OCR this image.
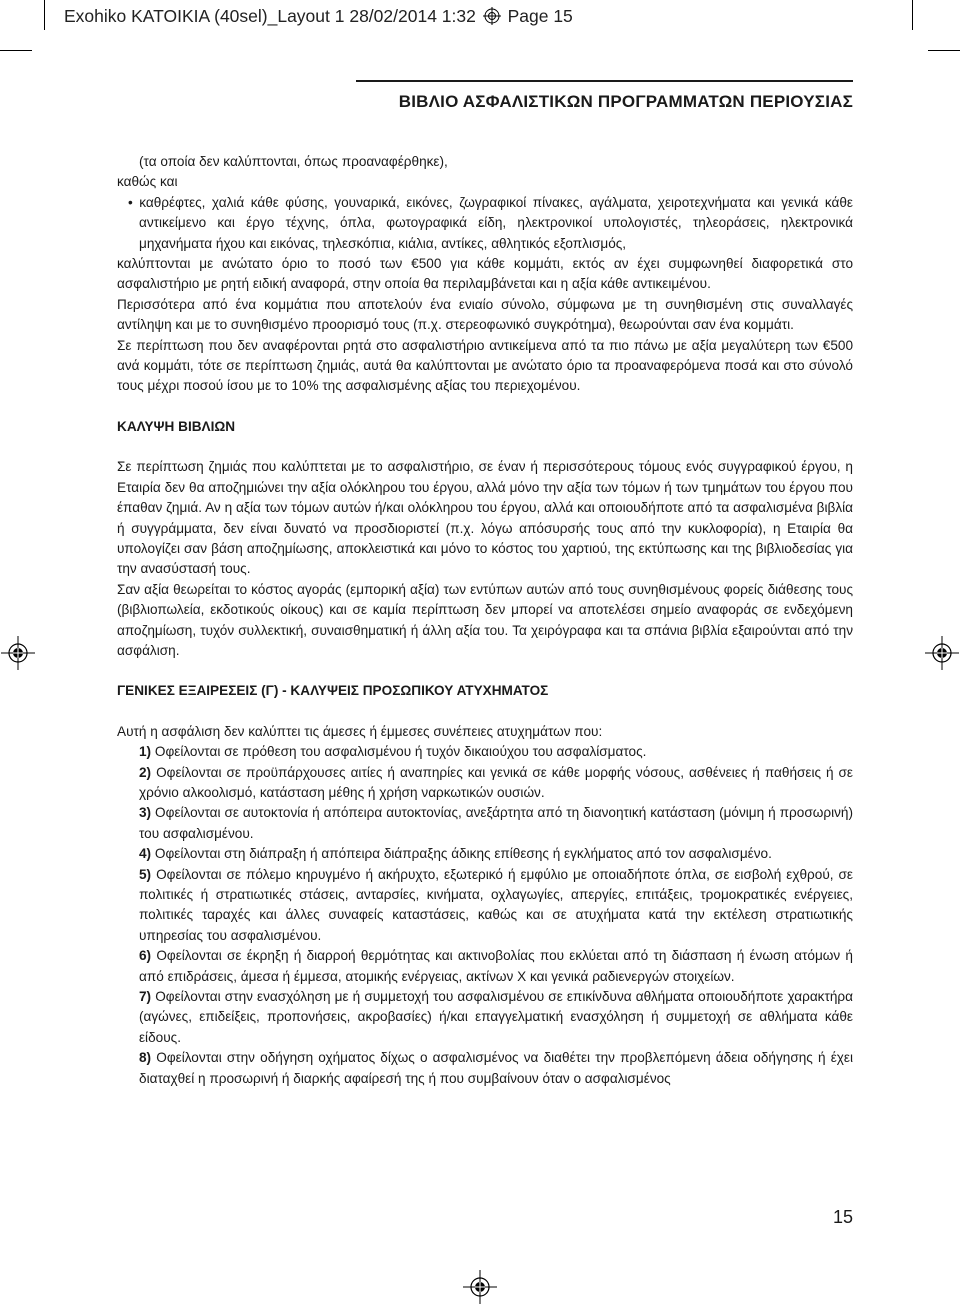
Exohiko KATOIKIA (40sel)_Layout 1 28/02/2014 1:32  Page 15
ΒΙΒΛΙΟ ΑΣΦΑΛΙΣΤΙΚΩΝ ΠΡΟΓΡΑΜΜΑΤΩΝ ΠΕΡΙΟΥΣΙΑΣ

(τα οποία δεν καλύπτονται, όπως προαναφέρθηκε),

καθώς και

• καθρέφτες, χαλιά κάθε φύσης, γουναρικά, εικόνες, ζωγραφικοί πίνακες, αγάλματα, χειροτεχνήματα και γενικά κάθε αντικείμενο και έργο τέχνης, όπλα, φωτογραφικά είδη, ηλεκτρονικοί υπολογιστές, τηλεοράσεις, ηλεκτρονικά μηχανήματα ήχου και εικόνας, τηλεσκόπια, κιάλια, αντίκες, αθλητικός εξοπλισμός,

καλύπτονται με ανώτατο όριο το ποσό των €500 για κάθε κομμάτι, εκτός αν έχει συμφωνηθεί διαφορετικά στο ασφαλιστήριο με ρητή ειδική αναφορά, στην οποία θα περιλαμβάνεται και η αξία κάθε αντικειμένου.

Περισσότερα από ένα κομμάτια που αποτελούν ένα ενιαίο σύνολο, σύμφωνα με τη συνηθισμένη στις συναλλαγές αντίληψη και με το συνηθισμένο προορισμό τους (π.χ. στερεοφωνικό συγκρότημα), θεωρούνται σαν ένα κομμάτι.

Σε περίπτωση που δεν αναφέρονται ρητά στο ασφαλιστήριο αντικείμενα από τα πιο πάνω με αξία μεγαλύτερη των €500 ανά κομμάτι, τότε σε περίπτωση ζημιάς, αυτά θα καλύπτονται με ανώτατο όριο τα προαναφερόμενα ποσά και στο σύνολό τους μέχρι ποσού ίσου με το 10% της ασφαλισμένης αξίας του περιεχομένου.

ΚΑΛΥΨΗ ΒΙΒΛΙΩΝ

Σε περίπτωση ζημιάς που καλύπτεται με το ασφαλιστήριο, σε έναν ή περισσότερους τόμους ενός συγγραφικού έργου, η Εταιρία δεν θα αποζημιώνει την αξία ολόκληρου του έργου, αλλά μόνο την αξία των τόμων ή των τμημάτων του έργου που έπαθαν ζημιά. Αν η αξία των τόμων αυτών ή/και ολόκληρου του έργου, αλλά και οποιουδήποτε από τα ασφαλισμένα βιβλία ή συγγράμματα, δεν είναι δυνατό να προσδιοριστεί (π.χ. λόγω απόσυρσής τους από την κυκλοφορία), η Εταιρία θα υπολογίζει σαν βάση αποζημίωσης, αποκλειστικά και μόνο το κόστος του χαρτιού, της εκτύπωσης και της βιβλιοδεσίας για την ανασύστασή τους.

Σαν αξία θεωρείται το κόστος αγοράς (εμπορική αξία) των εντύπων αυτών από τους συνηθισμένους φορείς διάθεσης τους (βιβλιοπωλεία, εκδοτικούς οίκους) και σε καμία περίπτωση δεν μπορεί να αποτελέσει σημείο αναφοράς σε ενδεχόμενη αποζημίωση, τυχόν συλλεκτική, συναισθηματική ή άλλη αξία του. Τα χειρόγραφα και τα σπάνια βιβλία εξαιρούνται από την ασφάλιση.

ΓΕΝΙΚΕΣ ΕΞΑΙΡΕΣΕΙΣ (Γ) - ΚΑΛΥΨΕΙΣ ΠΡΟΣΩΠΙΚΟΥ ΑΤΥΧΗΜΑΤΟΣ

Αυτή η ασφάλιση δεν καλύπτει τις άμεσες ή έμμεσες συνέπειες ατυχημάτων που:

1) Οφείλονται σε πρόθεση του ασφαλισμένου ή τυχόν δικαιούχου του ασφαλίσματος.

2) Οφείλονται σε προϋπάρχουσες αιτίες ή αναπηρίες και γενικά σε κάθε μορφής νόσους, ασθένειες ή παθήσεις ή σε χρόνιο αλκοολισμό, κατάσταση μέθης ή χρήση ναρκωτικών ουσιών.

3) Οφείλονται σε αυτοκτονία ή απόπειρα αυτοκτονίας, ανεξάρτητα από τη διανοητική κατάσταση (μόνιμη ή προσωρινή) του ασφαλισμένου.

4) Οφείλονται στη διάπραξη ή απόπειρα διάπραξης άδικης επίθεσης ή εγκλήματος από τον ασφαλισμένο.

5) Οφείλονται σε πόλεμο κηρυγμένο ή ακήρυχτο, εξωτερικό ή εμφύλιο με οποιαδήποτε όπλα, σε εισβολή εχθρού, σε πολιτικές ή στρατιωτικές στάσεις, ανταρσίες, κινήματα, οχλαγωγίες, απεργίες, επιτάξεις, τρομοκρατικές ενέργειες, πολιτικές ταραχές και άλλες συναφείς καταστάσεις, καθώς και σε ατυχήματα κατά την εκτέλεση στρατιωτικής υπηρεσίας του ασφαλισμένου.

6) Οφείλονται σε έκρηξη ή διαρροή θερμότητας και ακτινοβολίας που εκλύεται από τη διάσπαση ή ένωση ατόμων ή από επιδράσεις, άμεσα ή έμμεσα, ατομικής ενέργειας, ακτίνων Χ και γενικά ραδιενεργών στοιχείων.

7) Οφείλονται στην ενασχόληση με ή συμμετοχή του ασφαλισμένου σε επικίνδυνα αθλήματα οποιουδήποτε χαρακτήρα (αγώνες, επιδείξεις, προπονήσεις, ακροβασίες) ή/και επαγγελματική ενασχόληση ή συμμετοχή σε αθλήματα κάθε είδους.

8) Οφείλονται στην οδήγηση οχήματος δίχως ο ασφαλισμένος να διαθέτει την προβλεπόμενη άδεια οδήγησης ή έχει διαταχθεί η προσωρινή ή διαρκής αφαίρεσή της ή που συμβαίνουν όταν ο ασφαλισμένος

15
